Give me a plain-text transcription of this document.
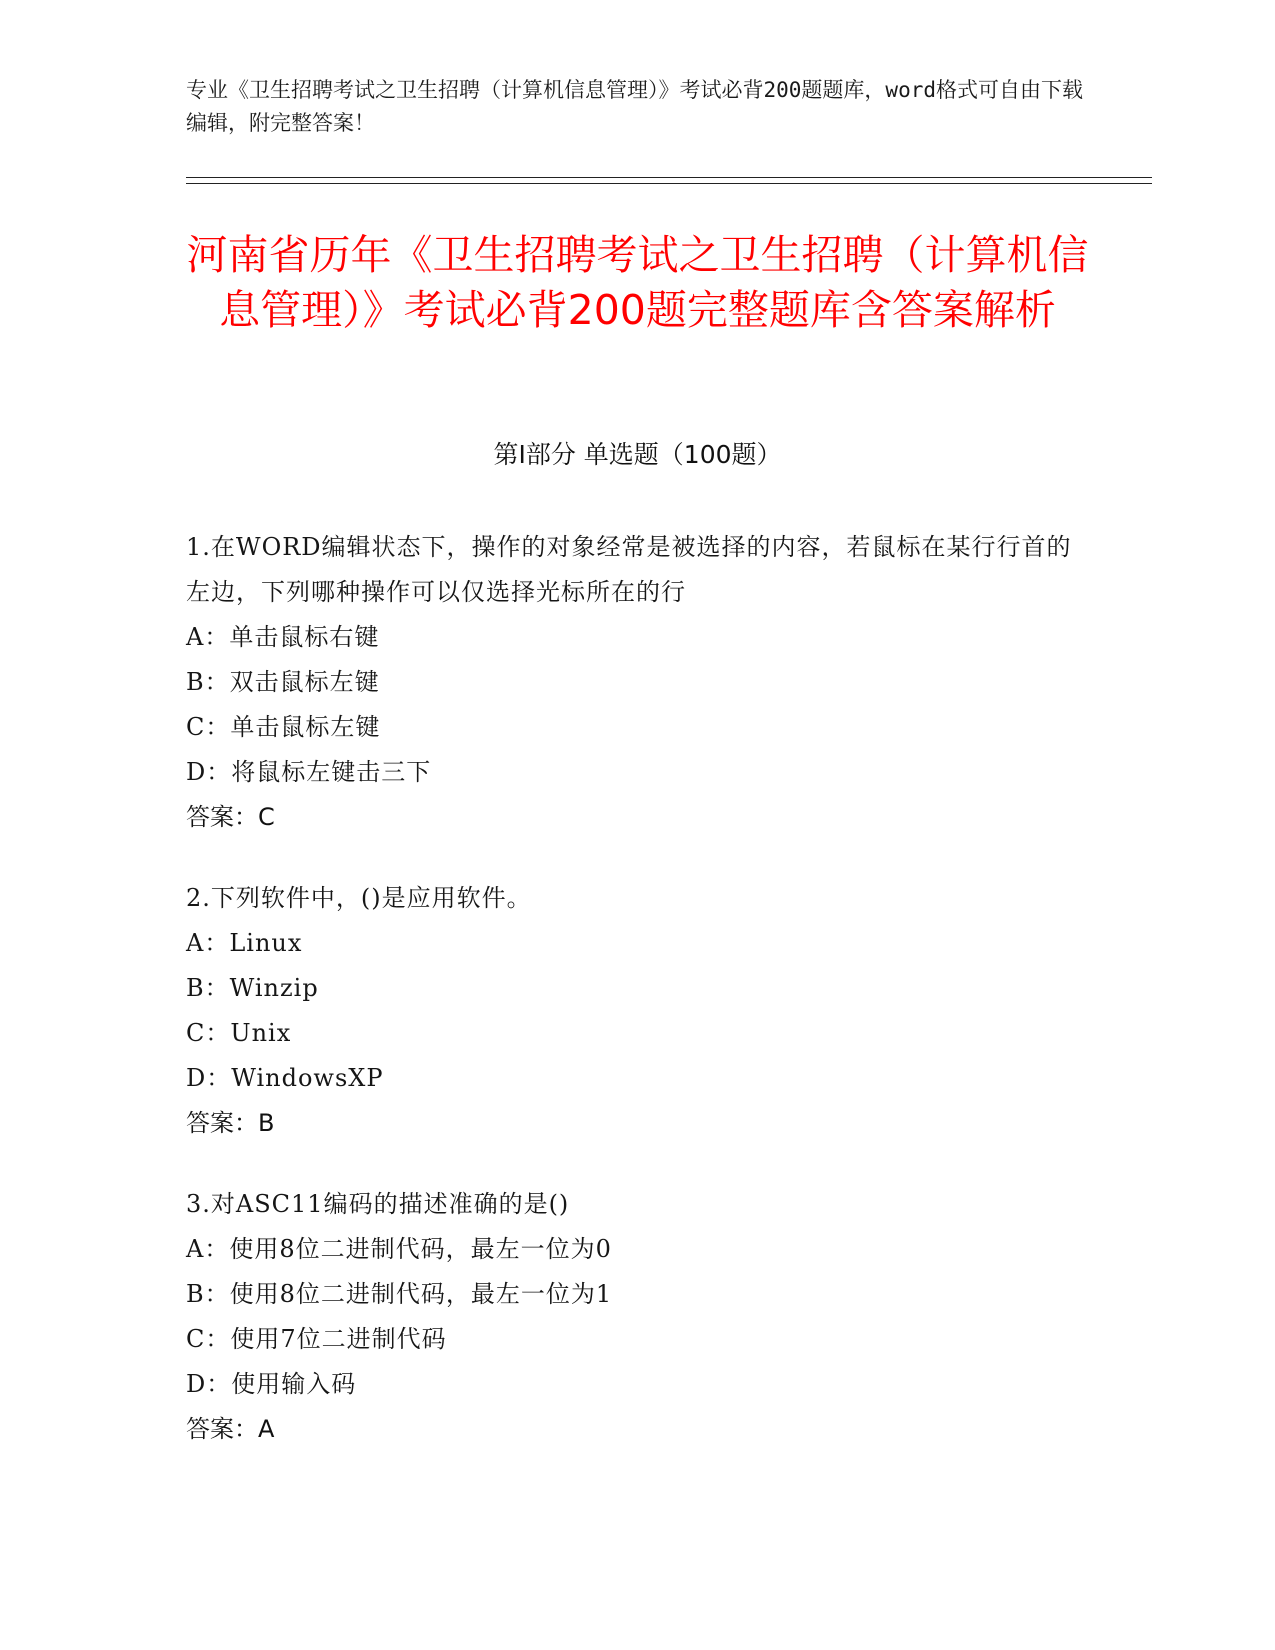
专业《卫生招聘考试之卫生招聘（计算机信息管理）》考试必背200题题库，word格式可自由下载编辑，附完整答案！
河南省历年《卫生招聘考试之卫生招聘（计算机信息管理）》考试必背200题完整题库含答案解析
第Ⅰ部分 单选题（100题）
1.在WORD编辑状态下，操作的对象经常是被选择的内容，若鼠标在某行行首的左边，下列哪种操作可以仅选择光标所在的行
A：单击鼠标右键
B：双击鼠标左键
C：单击鼠标左键
D：将鼠标左键击三下
答案：C
2.下列软件中，()是应用软件。
A：Linux
B：Winzip
C：Unix
D：WindowsXP
答案：B
3.对ASC11编码的描述准确的是()
A：使用8位二进制代码，最左一位为0
B：使用8位二进制代码，最左一位为1
C：使用7位二进制代码
D：使用输入码
答案：A
